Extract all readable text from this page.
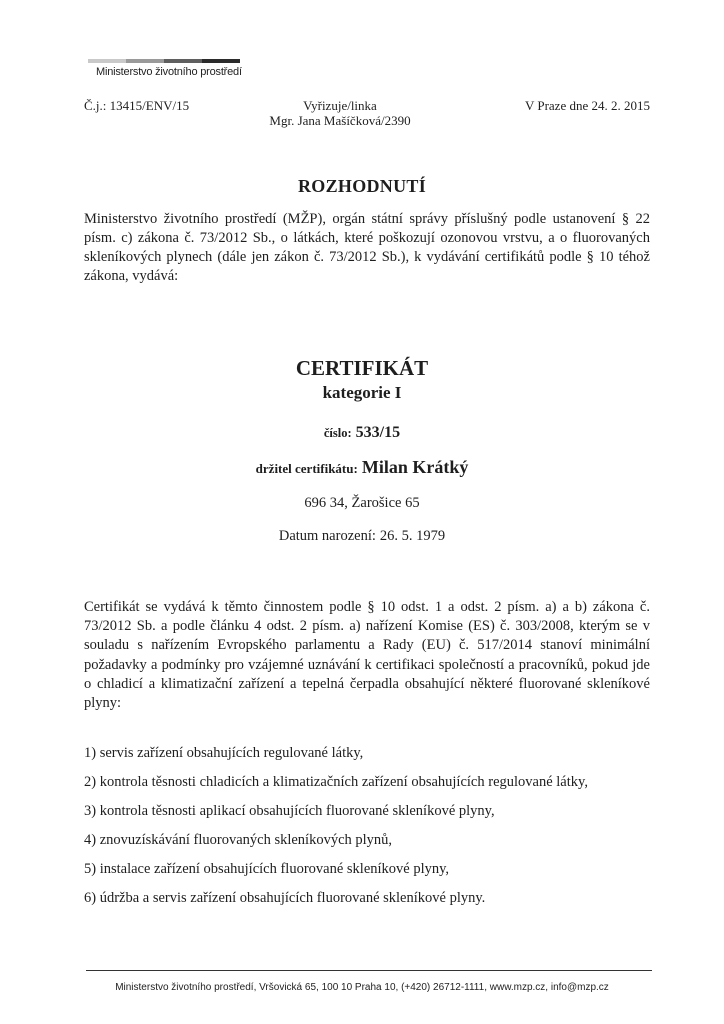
Ministerstvo životního prostředí
Č.j.: 13415/ENV/15	Vyřizuje/linka
Mgr. Jana Mašíčková/2390
V Praze dne 24. 2. 2015
ROZHODNUTÍ
Ministerstvo životního prostředí (MŽP), orgán státní správy příslušný podle ustanovení § 22 písm. c) zákona č. 73/2012 Sb., o látkách, které poškozují ozonovou vrstvu, a o fluorovaných skleníkových plynech (dále jen zákon č. 73/2012 Sb.), k vydávání certifikátů podle § 10 téhož zákona, vydává:
CERTIFIKÁT
kategorie I
číslo: 533/15
držitel certifikátu: Milan Krátký
696 34, Žarošice 65
Datum narození: 26. 5. 1979
Certifikát se vydává k těmto činnostem podle § 10 odst. 1 a odst. 2 písm. a) a b) zákona č. 73/2012 Sb. a podle článku 4 odst. 2 písm. a) nařízení Komise (ES) č. 303/2008, kterým se v souladu s nařízením Evropského parlamentu a Rady (EU) č. 517/2014 stanoví minimální požadavky a podmínky pro vzájemné uznávání k certifikaci společností a pracovníků, pokud jde o chladicí a klimatizační zařízení a tepelná čerpadla obsahující některé fluorované skleníkové plyny:
1) servis zařízení obsahujících regulované látky,
2) kontrola těsnosti chladicích a klimatizačních zařízení obsahujících regulované látky,
3) kontrola těsnosti aplikací obsahujících fluorované skleníkové plyny,
4) znovuzískávání fluorovaných skleníkových plynů,
5) instalace zařízení obsahujících fluorované skleníkové plyny,
6) údržba a servis zařízení obsahujících fluorované skleníkové plyny.
Ministerstvo životního prostředí, Vršovická 65, 100 10 Praha 10, (+420) 26712-1111, www.mzp.cz, info@mzp.cz
